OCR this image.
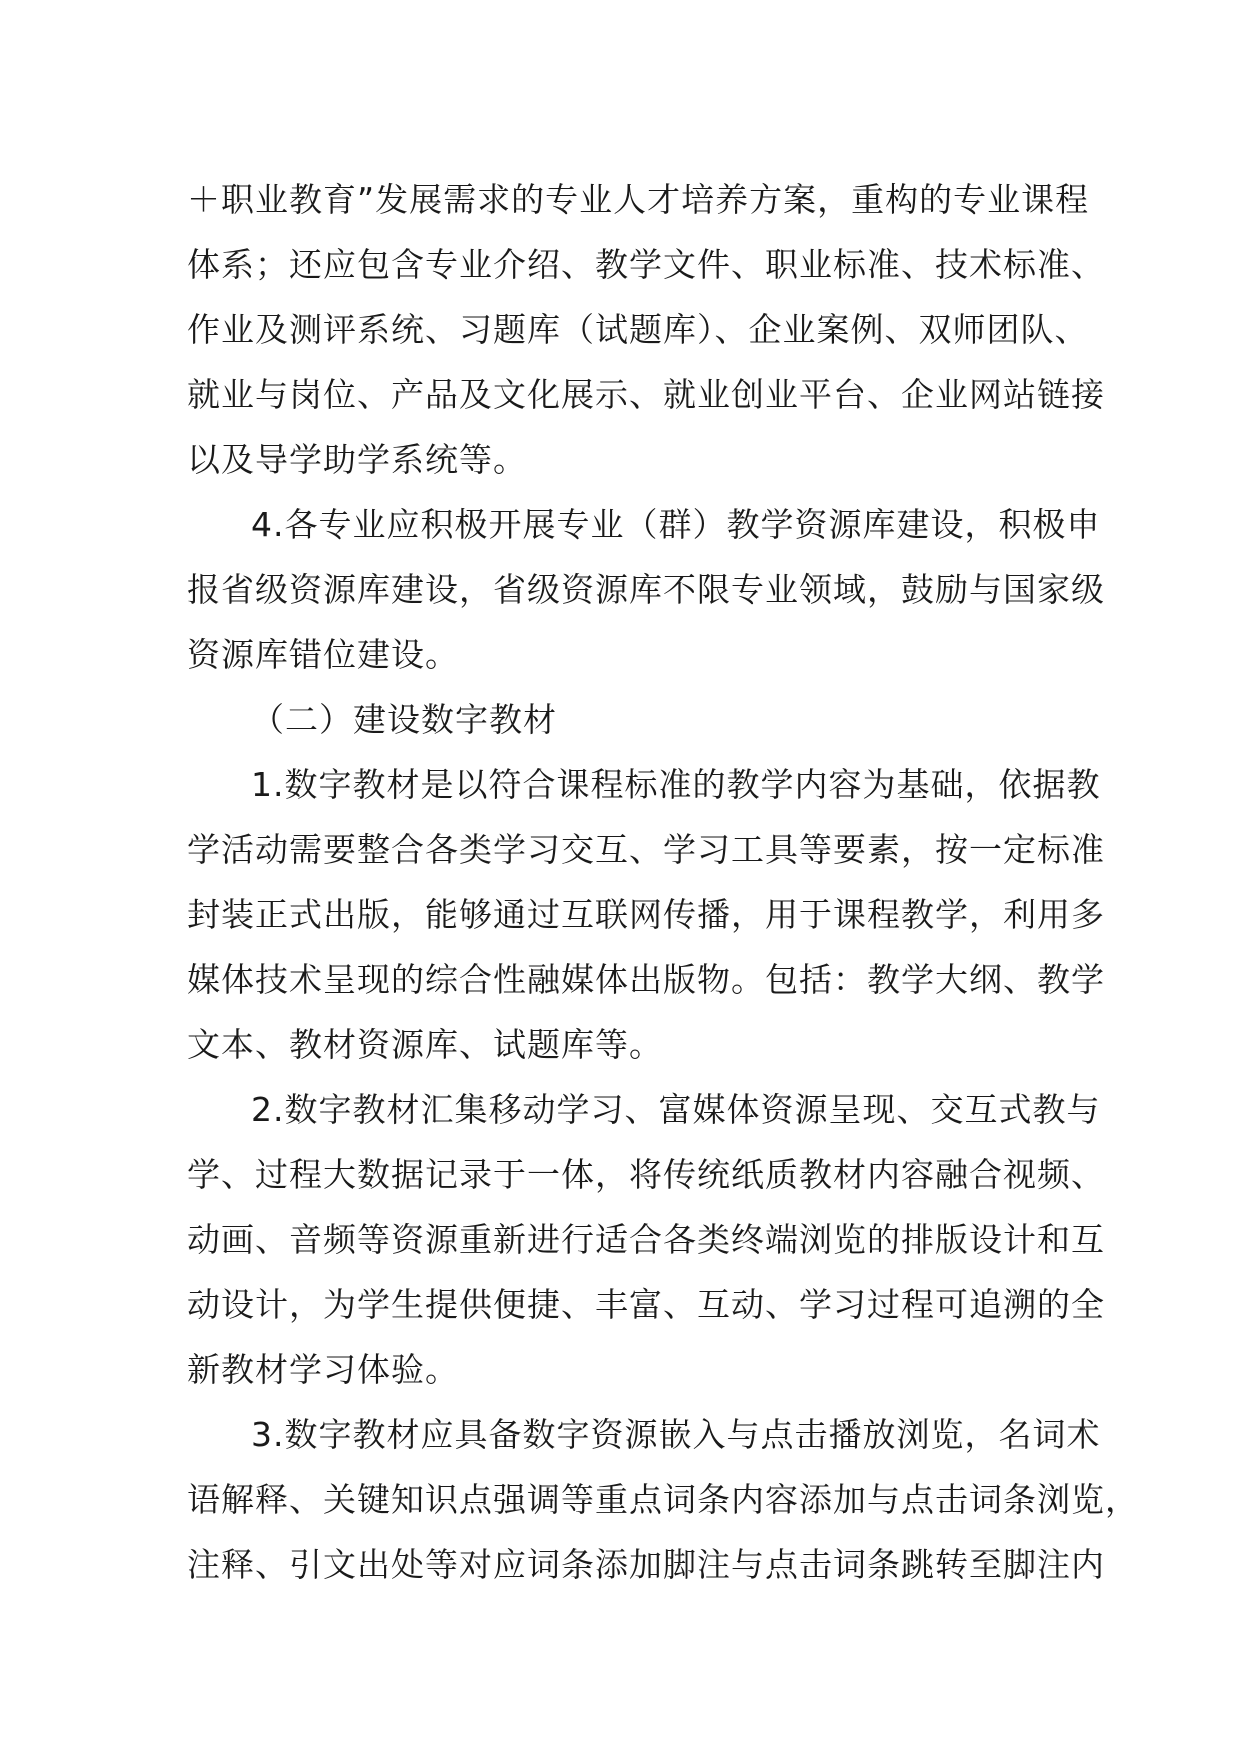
＋职业教育”发展需求的专业人才培养方案，重构的专业课程
体系；还应包含专业介绍、教学文件、职业标准、技术标准、
作业及测评系统、习题库（试题库）、企业案例、双师团队、
就业与岗位、产品及文化展示、就业创业平台、企业网站链接
以及导学助学系统等。
4.各专业应积极开展专业（群）教学资源库建设，积极申
报省级资源库建设，省级资源库不限专业领域，鼓励与国家级
资源库错位建设。
（二）建设数字教材
1.数字教材是以符合课程标准的教学内容为基础，依据教
学活动需要整合各类学习交互、学习工具等要素，按一定标准
封装正式出版，能够通过互联网传播，用于课程教学，利用多
媒体技术呈现的综合性融媒体出版物。包括：教学大纲、教学
文本、教材资源库、试题库等。
2.数字教材汇集移动学习、富媒体资源呈现、交互式教与
学、过程大数据记录于一体，将传统纸质教材内容融合视频、
动画、音频等资源重新进行适合各类终端浏览的排版设计和互
动设计，为学生提供便捷、丰富、互动、学习过程可追溯的全
新教材学习体验。
3.数字教材应具备数字资源嵌入与点击播放浏览，名词术
语解释、关键知识点强调等重点词条内容添加与点击词条浏览，
注释、引文出处等对应词条添加脚注与点击词条跳转至脚注内
